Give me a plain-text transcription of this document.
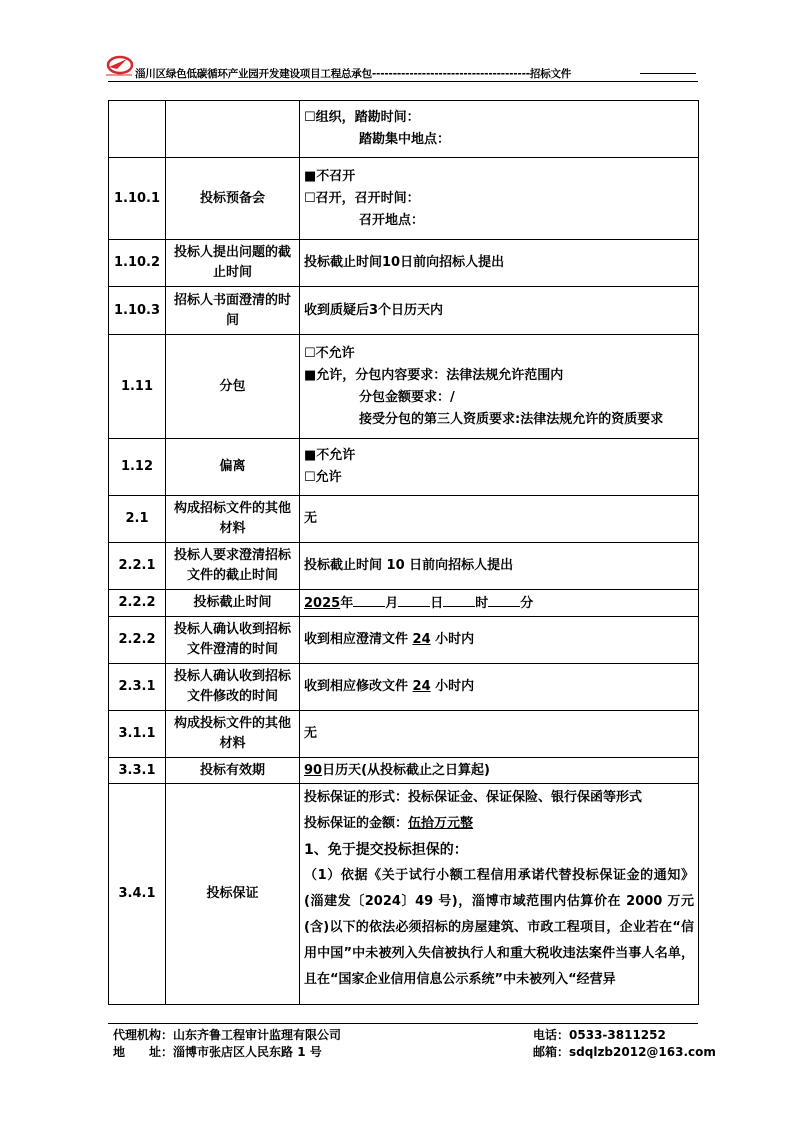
淄川区绿色低碳循环产业园开发建设项目工程总承包--------------------------------------招标文件

		☐组织，踏勘时间：
踏勘集中地点：

1.10.1	投标预备会	■不召开
☐召开，召开时间：
召开地点：

1.10.2	投标人提出问题的截止时间	投标截止时间10日前向招标人提出

1.10.3	招标人书面澄清的时间	收到质疑后3个日历天内

1.11	分包	☐不允许
■允许，分包内容要求：法律法规允许范围内
分包金额要求：/
接受分包的第三人资质要求:法律法规允许的资质要求

1.12	偏离	■不允许
☐允许

2.1	构成招标文件的其他材料	无

2.2.1	投标人要求澄清招标文件的截止时间	投标截止时间 10 日前向招标人提出

2.2.2	投标截止时间	2025年 月 日 时 分

2.2.2	投标人确认收到招标文件澄清的时间	收到相应澄清文件 24 小时内

2.3.1	投标人确认收到招标文件修改的时间	收到相应修改文件 24 小时内

3.1.1	构成投标文件的其他材料	无

3.3.1	投标有效期	90日历天(从投标截止之日算起)

3.4.1	投标保证	投标保证的形式：投标保证金、保证保险、银行保函等形式
投标保证的金额：伍拾万元整
1、免于提交投标担保的：
（1）依据《关于试行小额工程信用承诺代替投标保证金的通知》(淄建发〔2024〕49 号)，淄博市域范围内估算价在 2000 万元(含)以下的依法必须招标的房屋建筑、市政工程项目，企业若在“信用中国”中未被列入失信被执行人和重大税收违法案件当事人名单，且在“国家企业信用信息公示系统”中未被列入“经营异
代理机构：山东齐鲁工程审计监理有限公司
地　　址：淄博市张店区人民东路 1 号
电话：0533-3811252
邮箱：sdqlzb2012@163.com
